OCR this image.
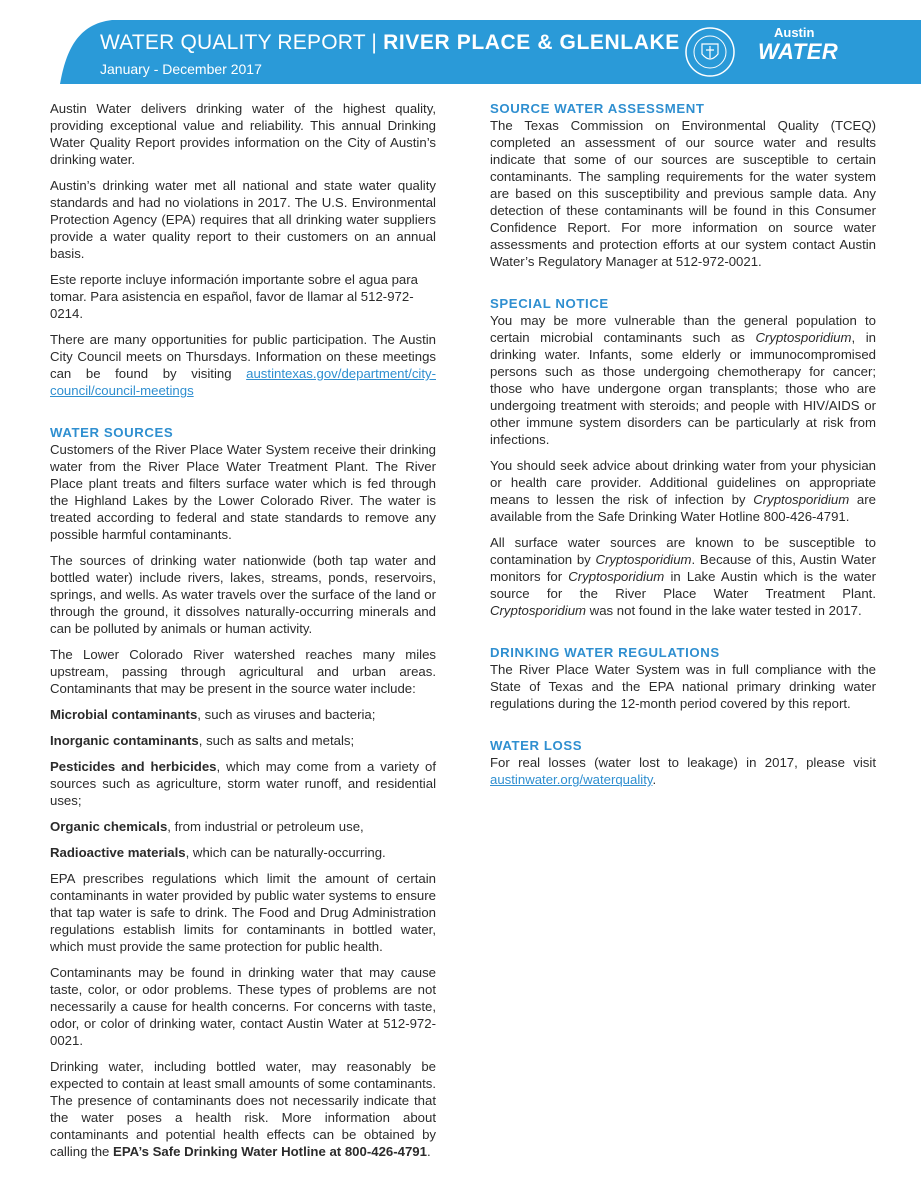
WATER QUALITY REPORT | RIVER PLACE & GLENLAKE
January - December 2017
Austin
WATER

Austin Water delivers drinking water of the highest quality, providing exceptional value and reliability. This annual Drinking Water Quality Report provides information on the City of Austin’s drinking water.

Austin’s drinking water met all national and state water quality standards and had no violations in 2017. The U.S. Environmental Protection Agency (EPA) requires that all drinking water suppliers provide a water quality report to their customers on an annual basis.

Este reporte incluye información importante sobre el agua para tomar. Para asistencia en español, favor de llamar al 512-972-0214.

There are many opportunities for public participation. The Austin City Council meets on Thursdays. Information on these meetings can be found by visiting austintexas.gov/department/city-council/council-meetings

WATER SOURCES

Customers of the River Place Water System receive their drinking water from the River Place Water Treatment Plant. The River Place plant treats and filters surface water which is fed through the Highland Lakes by the Lower Colorado River. The water is treated according to federal and state standards to remove any possible harmful contaminants.

The sources of drinking water nationwide (both tap water and bottled water) include rivers, lakes, streams, ponds, reservoirs, springs, and wells. As water travels over the surface of the land or through the ground, it dissolves naturally-occurring minerals and can be polluted by animals or human activity.

The Lower Colorado River watershed reaches many miles upstream, passing through agricultural and urban areas. Contaminants that may be present in the source water include:

Microbial contaminants, such as viruses and bacteria;

Inorganic contaminants, such as salts and metals;

Pesticides and herbicides, which may come from a variety of sources such as agriculture, storm water runoff, and residential uses;

Organic chemicals, from industrial or petroleum use,

Radioactive materials, which can be naturally-occurring.

EPA prescribes regulations which limit the amount of certain contaminants in water provided by public water systems to ensure that tap water is safe to drink. The Food and Drug Administration regulations establish limits for contaminants in bottled water, which must provide the same protection for public health.

Contaminants may be found in drinking water that may cause taste, color, or odor problems. These types of problems are not necessarily a cause for health concerns. For concerns with taste, odor, or color of drinking water, contact Austin Water at 512-972-0021.

Drinking water, including bottled water, may reasonably be expected to contain at least small amounts of some contaminants. The presence of contaminants does not necessarily indicate that the water poses a health risk. More information about contaminants and potential health effects can be obtained by calling the EPA’s Safe Drinking Water Hotline at 800-426-4791.

SOURCE WATER ASSESSMENT

The Texas Commission on Environmental Quality (TCEQ) completed an assessment of our source water and results indicate that some of our sources are susceptible to certain contaminants. The sampling requirements for the water system are based on this susceptibility and previous sample data. Any detection of these contaminants will be found in this Consumer Confidence Report. For more information on source water assessments and protection efforts at our system contact Austin Water’s Regulatory Manager at 512-972-0021.

SPECIAL NOTICE

You may be more vulnerable than the general population to certain microbial contaminants such as Cryptosporidium, in drinking water. Infants, some elderly or immunocompromised persons such as those undergoing chemotherapy for cancer; those who have undergone organ transplants; those who are undergoing treatment with steroids; and people with HIV/AIDS or other immune system disorders can be particularly at risk from infections.

You should seek advice about drinking water from your physician or health care provider. Additional guidelines on appropriate means to lessen the risk of infection by Cryptosporidium are available from the Safe Drinking Water Hotline 800-426-4791.

All surface water sources are known to be susceptible to contamination by Cryptosporidium. Because of this, Austin Water monitors for Cryptosporidium in Lake Austin which is the water source for the River Place Water Treatment Plant. Cryptosporidium was not found in the lake water tested in 2017.

DRINKING WATER REGULATIONS

The River Place Water System was in full compliance with the State of Texas and the EPA national primary drinking water regulations during the 12-month period covered by this report.

WATER LOSS

For real losses (water lost to leakage) in 2017, please visit austinwater.org/waterquality.
